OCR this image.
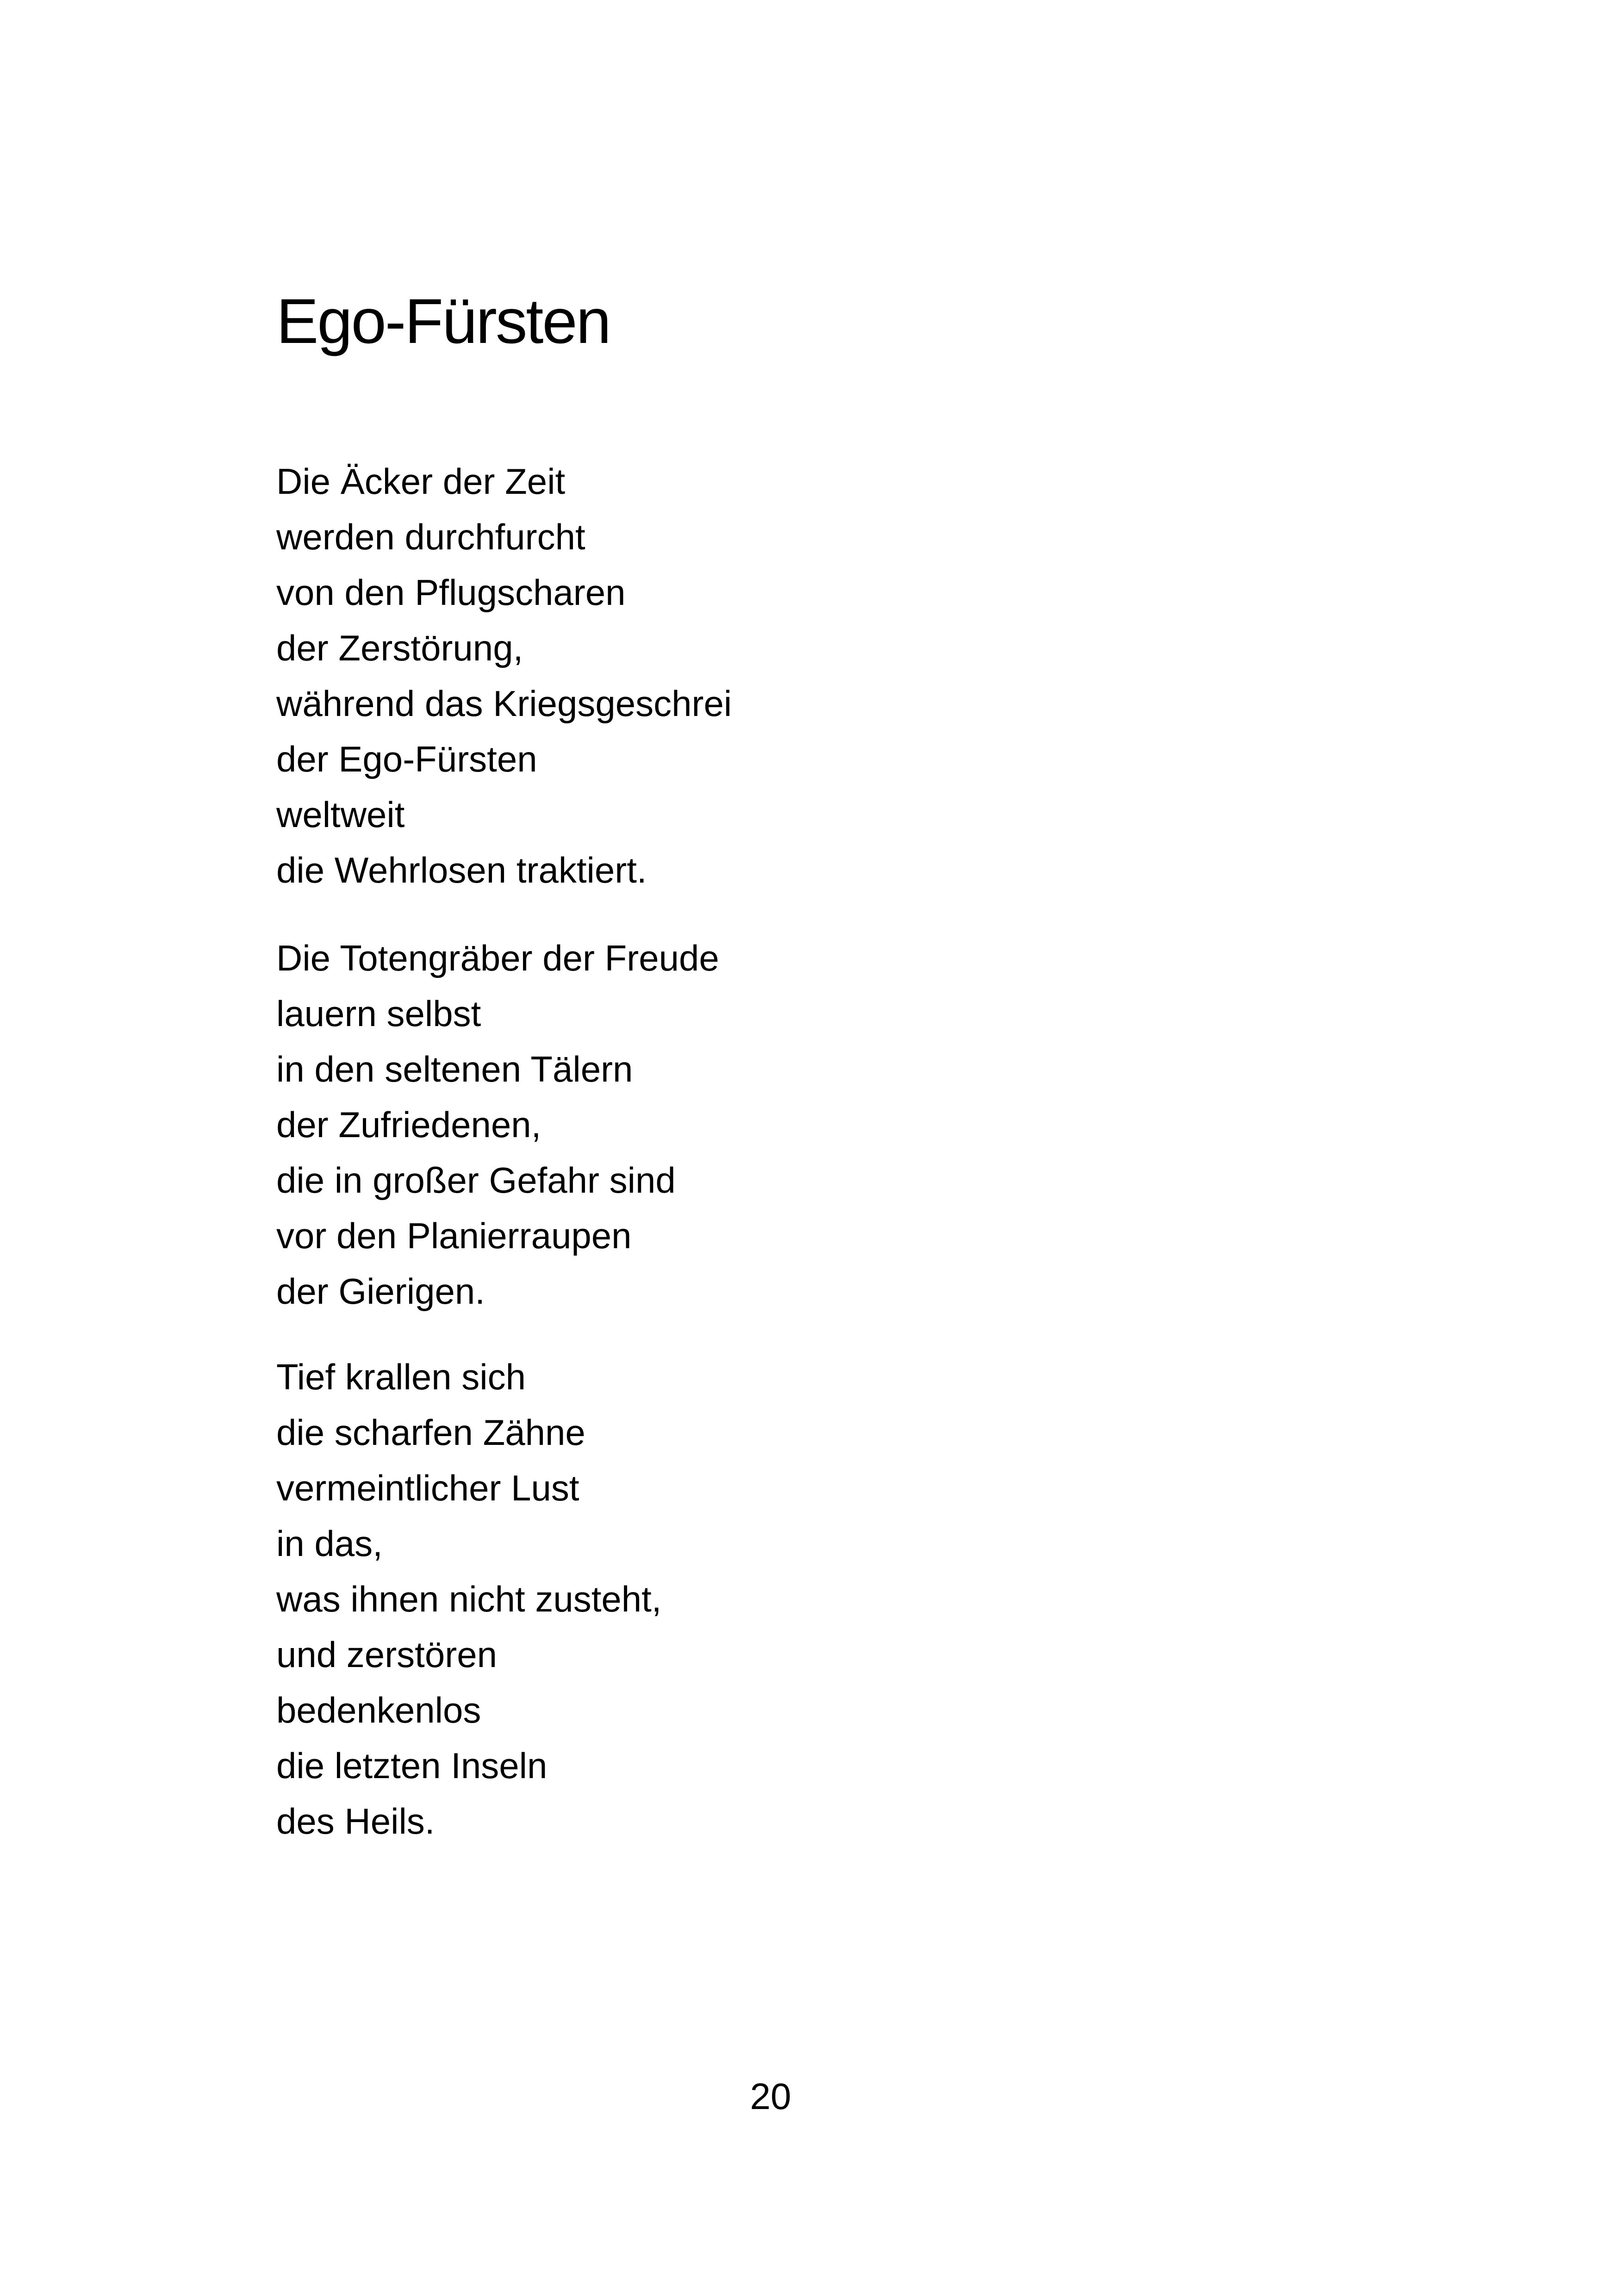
Ego-Fürsten
Die Äcker der Zeit
werden durchfurcht
von den Pflugscharen
der Zerstörung,
während das Kriegsgeschrei
der Ego-Fürsten
weltweit
die Wehrlosen traktiert.
Die Totengräber der Freude
lauern selbst
in den seltenen Tälern
der Zufriedenen,
die in großer Gefahr sind
vor den Planierraupen
der Gierigen.
Tief krallen sich
die scharfen Zähne
vermeintlicher Lust
in das,
was ihnen nicht zusteht,
und zerstören
bedenkenlos
die letzten Inseln
des Heils.
20
